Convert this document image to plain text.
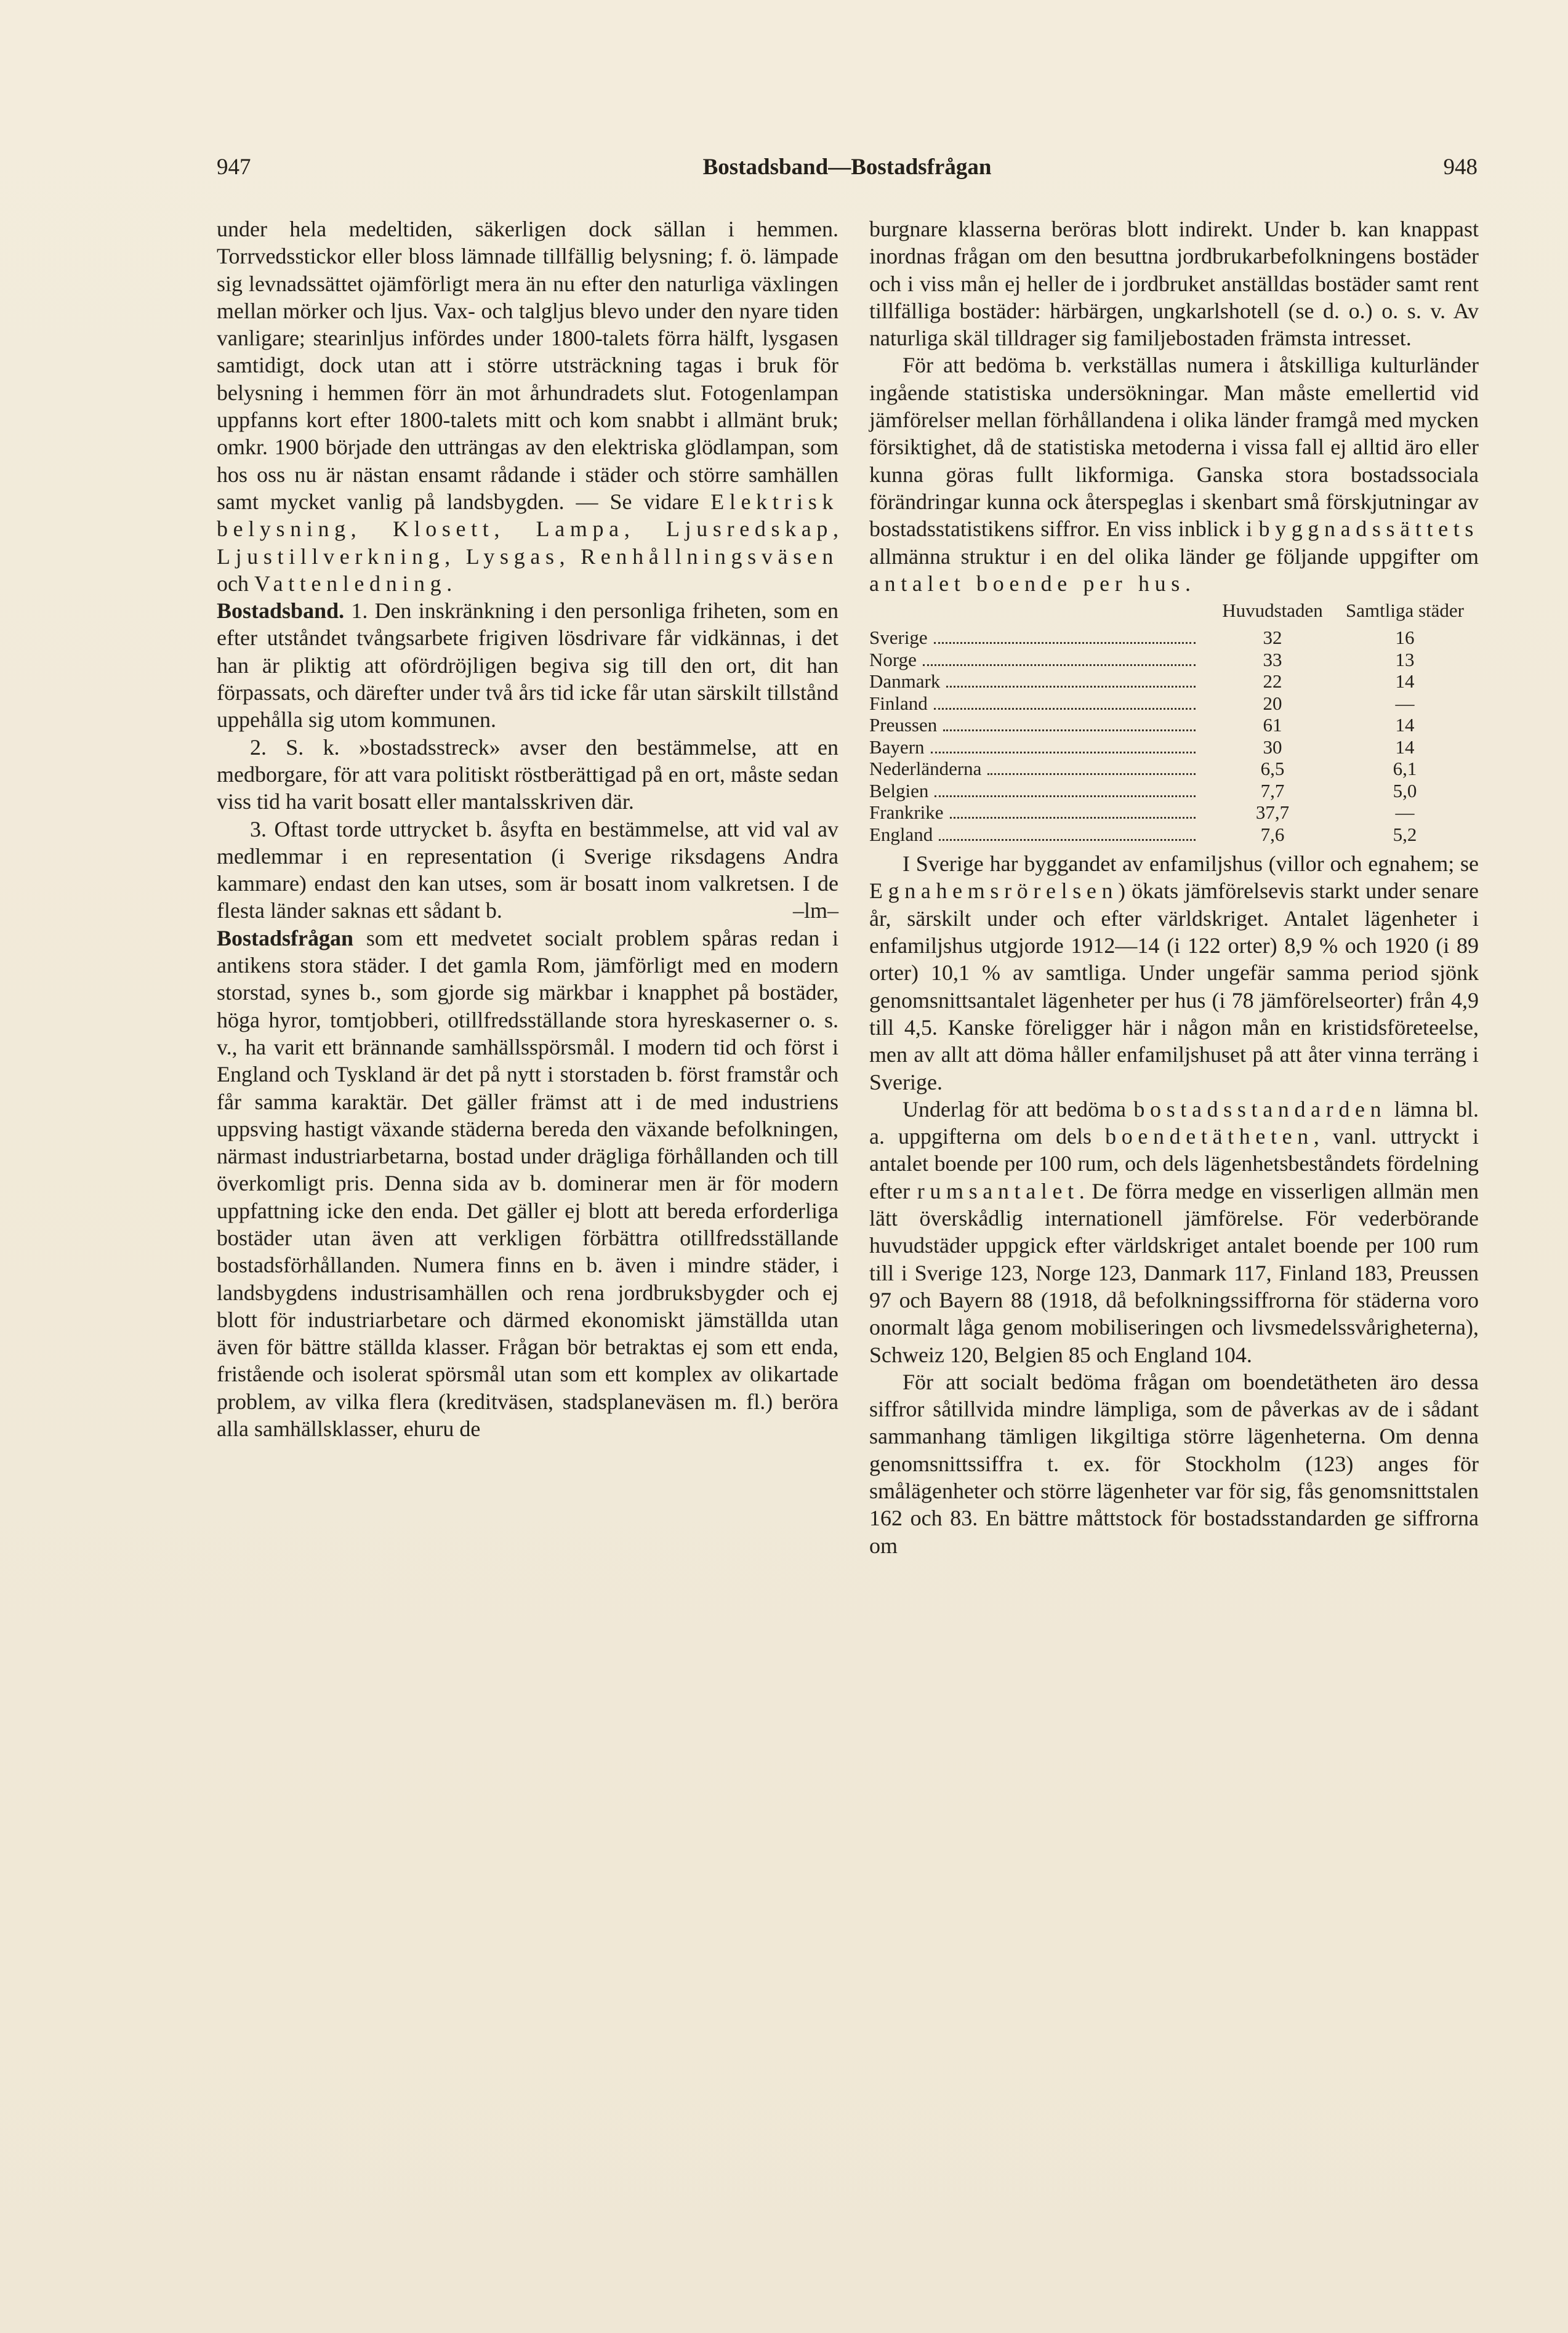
947	Bostadsband—Bostadsfrågan	948

under hela medeltiden, säkerligen dock sällan i hemmen. Torrvedsstickor eller bloss lämnade tillfällig belysning; f. ö. lämpade sig levnadssättet ojämförligt mera än nu efter den naturliga växlingen mellan mörker och ljus. Vax- och talgljus blevo under den nyare tiden vanligare; stearinljus infördes under 1800-talets förra hälft, lysgasen samtidigt, dock utan att i större utsträckning tagas i bruk för belysning i hemmen förr än mot århundradets slut. Fotogenlampan uppfanns kort efter 1800-talets mitt och kom snabbt i allmänt bruk; omkr. 1900 började den utträngas av den elektriska glödlampan, som hos oss nu är nästan ensamt rådande i städer och större samhällen samt mycket vanlig på landsbygden. — Se vidare Elektrisk belysning, Klosett, Lampa, Ljusredskap, Ljustillverkning, Lysgas, Renhållningsväsen och Vattenledning.

Bostadsband. 1. Den inskränkning i den personliga friheten, som en efter utståndet tvångsarbete frigiven lösdrivare får vidkännas, i det han är pliktig att ofördröjligen begiva sig till den ort, dit han förpassats, och därefter under två års tid icke får utan särskilt tillstånd uppehålla sig utom kommunen.

2. S. k. »bostadsstreck» avser den bestämmelse, att en medborgare, för att vara politiskt röstberättigad på en ort, måste sedan viss tid ha varit bosatt eller mantalsskriven där.

3. Oftast torde uttrycket b. åsyfta en bestämmelse, att vid val av medlemmar i en representation (i Sverige riksdagens Andra kammare) endast den kan utses, som är bosatt inom valkretsen. I de flesta länder saknas ett sådant b.	–lm–

Bostadsfrågan som ett medvetet socialt problem spåras redan i antikens stora städer. I det gamla Rom, jämförligt med en modern storstad, synes b., som gjorde sig märkbar i knapphet på bostäder, höga hyror, tomtjobberi, otillfredsställande stora hyreskaserner o. s. v., ha varit ett brännande samhällsspörsmål. I modern tid och först i England och Tyskland är det på nytt i storstaden b. först framstår och får samma karaktär. Det gäller främst att i de med industriens uppsving hastigt växande städerna bereda den växande befolkningen, närmast industriarbetarna, bostad under drägliga förhållanden och till överkomligt pris. Denna sida av b. dominerar men är för modern uppfattning icke den enda. Det gäller ej blott att bereda erforderliga bostäder utan även att verkligen förbättra otillfredsställande bostadsförhållanden. Numera finns en b. även i mindre städer, i landsbygdens industrisamhällen och rena jordbruksbygder och ej blott för industriarbetare och därmed ekonomiskt jämställda utan även för bättre ställda klasser. Frågan bör betraktas ej som ett enda, fristående och isolerat spörsmål utan som ett komplex av olikartade problem, av vilka flera (kreditväsen, stadsplaneväsen m. fl.) beröra alla samhällsklasser, ehuru de

burgnare klasserna beröras blott indirekt. Under b. kan knappast inordnas frågan om den besuttna jordbrukarbefolkningens bostäder och i viss mån ej heller de i jordbruket anställdas bostäder samt rent tillfälliga bostäder: härbärgen, ungkarlshotell (se d. o.) o. s. v. Av naturliga skäl tilldrager sig familjebostaden främsta intresset.

För att bedöma b. verkställas numera i åtskilliga kulturländer ingående statistiska undersökningar. Man måste emellertid vid jämförelser mellan förhållandena i olika länder framgå med mycken försiktighet, då de statistiska metoderna i vissa fall ej alltid äro eller kunna göras fullt likformiga. Ganska stora bostadssociala förändringar kunna ock återspeglas i skenbart små förskjutningar av bostadsstatistikens siffror. En viss inblick i byggnadssättets allmänna struktur i en del olika länder ge följande uppgifter om antalet boende per hus.

	Huvudstaden	Samtliga städer
Sverige	32	16
Norge	33	13
Danmark	22	14
Finland	20	—
Preussen	61	14
Bayern	30	14
Nederländerna	6,5	6,1
Belgien	7,7	5,0
Frankrike	37,7	—
England	7,6	5,2

I Sverige har byggandet av enfamiljshus (villor och egnahem; se Egnahemsrörelsen) ökats jämförelsevis starkt under senare år, särskilt under och efter världskriget. Antalet lägenheter i enfamiljshus utgjorde 1912—14 (i 122 orter) 8,9 % och 1920 (i 89 orter) 10,1 % av samtliga. Under ungefär samma period sjönk genomsnittsantalet lägenheter per hus (i 78 jämförelseorter) från 4,9 till 4,5. Kanske föreligger här i någon mån en kristidsföreteelse, men av allt att döma håller enfamiljshuset på att åter vinna terräng i Sverige.

Underlag för att bedöma bostadsstandarden lämna bl. a. uppgifterna om dels boendetätheten, vanl. uttryckt i antalet boende per 100 rum, och dels lägenhetsbeståndets fördelning efter rumsantalet. De förra medge en visserligen allmän men lätt överskådlig internationell jämförelse. För vederbörande huvudstäder uppgick efter världskriget antalet boende per 100 rum till i Sverige 123, Norge 123, Danmark 117, Finland 183, Preussen 97 och Bayern 88 (1918, då befolkningssiffrorna för städerna voro onormalt låga genom mobiliseringen och livsmedelssvårigheterna), Schweiz 120, Belgien 85 och England 104.

För att socialt bedöma frågan om boendetätheten äro dessa siffror såtillvida mindre lämpliga, som de påverkas av de i sådant sammanhang tämligen likgiltiga större lägenheterna. Om denna genomsnittssiffra t. ex. för Stockholm (123) anges för smålägenheter och större lägenheter var för sig, fås genomsnittstalen 162 och 83. En bättre måttstock för bostadsstandarden ge siffrorna om
